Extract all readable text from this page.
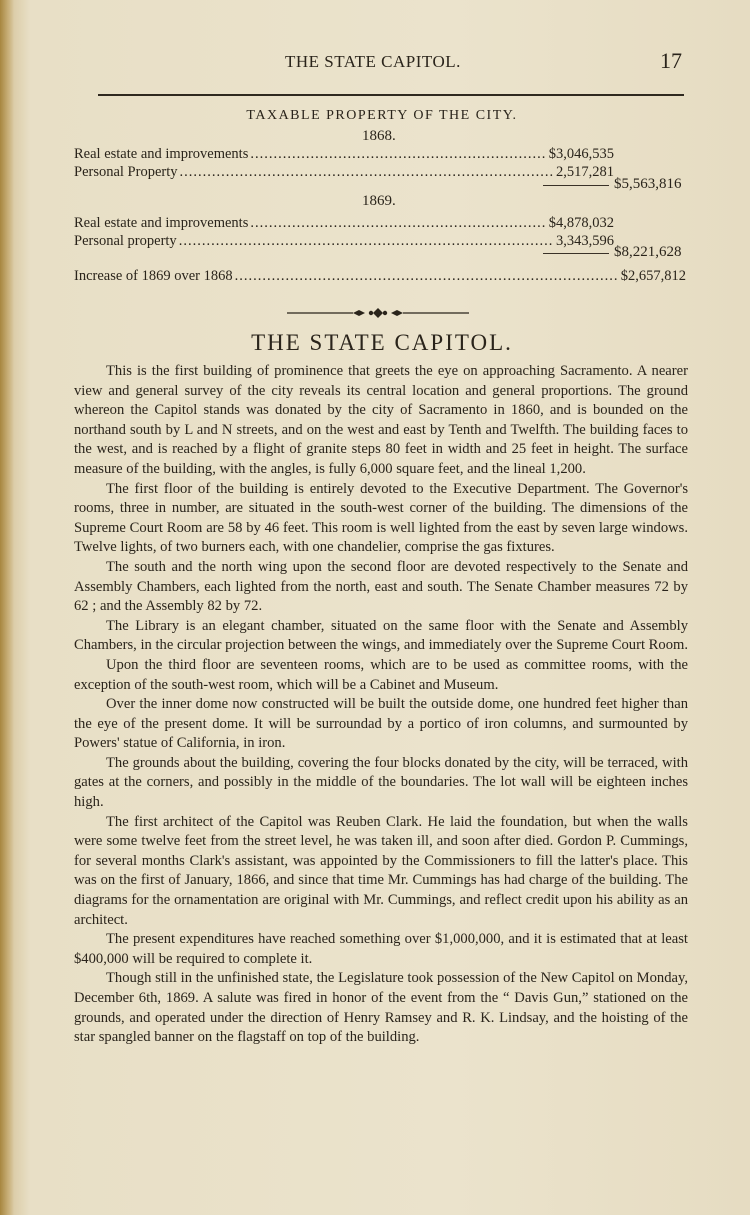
THE STATE CAPITOL.	17
TAXABLE PROPERTY OF THE CITY.
1868.
Real estate and improvements .....	$3,046,535
Personal Property .....	2,517,281
$5,563,816
1869.
Real estate and improvements .....	$4,878,032
Personal property .....	3,343,596
$8,221,628
Increase of 1869 over 1868 .....	$2,657,812
THE STATE CAPITOL.

This is the first building of prominence that greets the eye on approaching Sacramento. A nearer view and general survey of the city reveals its central location and general proportions. The ground whereon the Capitol stands was donated by the city of Sacramento in 1860, and is bounded on the northand south by L and N streets, and on the west and east by Tenth and Twelfth. The building faces to the west, and is reached by a flight of granite steps 80 feet in width and 25 feet in height. The surface measure of the building, with the angles, is fully 6,000 square feet, and the lineal 1,200.

The first floor of the building is entirely devoted to the Executive Department. The Governor's rooms, three in number, are situated in the south-west corner of the building. The dimensions of the Supreme Court Room are 58 by 46 feet. This room is well lighted from the east by seven large windows. Twelve lights, of two burners each, with one chandelier, comprise the gas fixtures.

The south and the north wing upon the second floor are devoted respectively to the Senate and Assembly Chambers, each lighted from the north, east and south. The Senate Chamber measures 72 by 62 ; and the Assembly 82 by 72.

The Library is an elegant chamber, situated on the same floor with the Senate and Assembly Chambers, in the circular projection between the wings, and immediately over the Supreme Court Room.

Upon the third floor are seventeen rooms, which are to be used as committee rooms, with the exception of the south-west room, which will be a Cabinet and Museum.

Over the inner dome now constructed will be built the outside dome, one hundred feet higher than the eye of the present dome. It will be surroundad by a portico of iron columns, and surmounted by Powers' statue of California, in iron.

The grounds about the building, covering the four blocks donated by the city, will be terraced, with gates at the corners, and possibly in the middle of the boundaries. The lot wall will be eighteen inches high.

The first architect of the Capitol was Reuben Clark. He laid the foundation, but when the walls were some twelve feet from the street level, he was taken ill, and soon after died. Gordon P. Cummings, for several months Clark's assistant, was appointed by the Commissioners to fill the latter's place. This was on the first of January, 1866, and since that time Mr. Cummings has had charge of the building. The diagrams for the ornamentation are original with Mr. Cummings, and reflect credit upon his ability as an architect.

The present expenditures have reached something over $1,000,000, and it is estimated that at least $400,000 will be required to complete it.

Though still in the unfinished state, the Legislature took possession of the New Capitol on Monday, December 6th, 1869. A salute was fired in honor of the event from the “ Davis Gun,” stationed on the grounds, and operated under the direction of Henry Ramsey and R. K. Lindsay, and the hoisting of the star spangled banner on the flagstaff on top of the building.
